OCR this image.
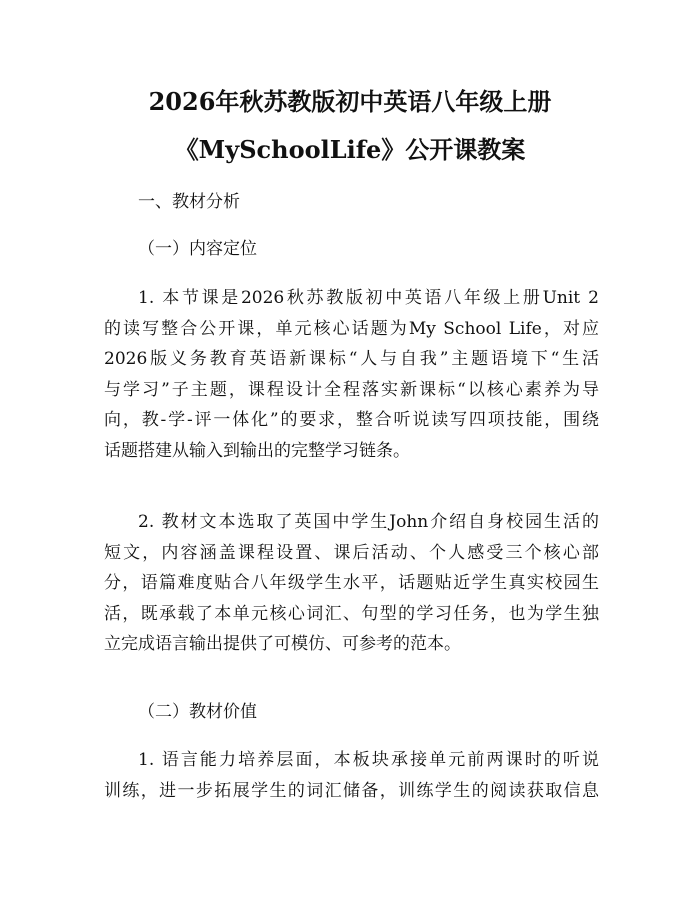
2026年秋苏教版初中英语八年级上册
《MySchoolLife》公开课教案
一、教材分析
（一）内容定位
1. 本节课是2026秋苏教版初中英语八年级上册Unit 2
的读写整合公开课，单元核心话题为My School Life，对应
2026版义务教育英语新课标“人与自我”主题语境下“生活
与学习”子主题，课程设计全程落实新课标“以核心素养为导
向，教-学-评一体化”的要求，整合听说读写四项技能，围绕
话题搭建从输入到输出的完整学习链条。
2. 教材文本选取了英国中学生John介绍自身校园生活的
短文，内容涵盖课程设置、课后活动、个人感受三个核心部
分，语篇难度贴合八年级学生水平，话题贴近学生真实校园生
活，既承载了本单元核心词汇、句型的学习任务，也为学生独
立完成语言输出提供了可模仿、可参考的范本。
（二）教材价值
1. 语言能力培养层面，本板块承接单元前两课时的听说
训练，进一步拓展学生的词汇储备，训练学生的阅读获取信息
